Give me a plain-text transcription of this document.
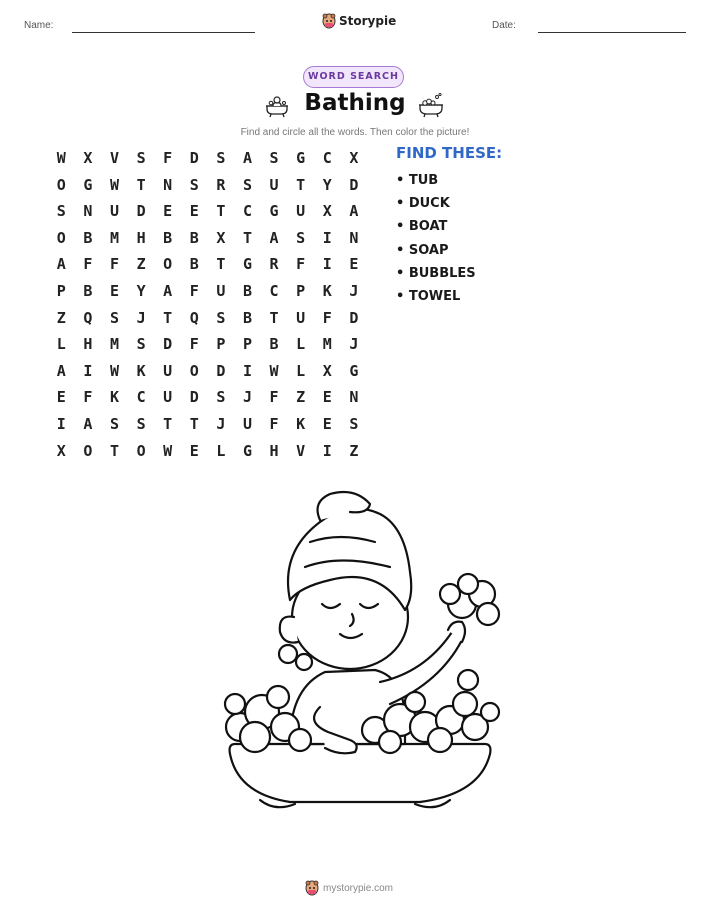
Name:	Storypie	Date:
WORD SEARCH
Bathing
Find and circle all the words. Then color the picture!
W	X	V	S	F	D	S	A	S	G	C	X
O	G	W	T	N	S	R	S	U	T	Y	D
S	N	U	D	E	E	T	C	G	U	X	A
O	B	M	H	B	B	X	T	A	S	I	N
A	F	F	Z	O	B	T	G	R	F	I	E
P	B	E	Y	A	F	U	B	C	P	K	J
Z	Q	S	J	T	Q	S	B	T	U	F	D
L	H	M	S	D	F	P	P	B	L	M	J
A	I	W	K	U	O	D	I	W	L	X	G
E	F	K	C	U	D	S	J	F	Z	E	N
I	A	S	S	T	T	J	U	F	K	E	S
X	O	T	O	W	E	L	G	H	V	I	Z
FIND THESE:
• TUB
• DUCK
• BOAT
• SOAP
• BUBBLES
• TOWEL
mystorypie.com
